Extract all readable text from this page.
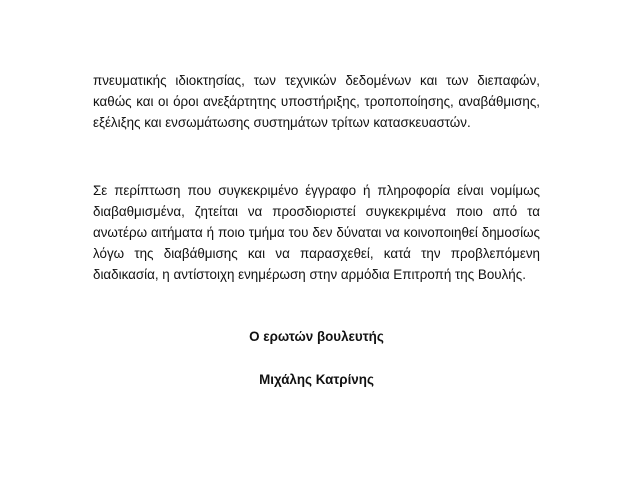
πνευματικής ιδιοκτησίας, των τεχνικών δεδομένων και των διεπαφών, καθώς και οι όροι ανεξάρτητης υποστήριξης, τροποποίησης, αναβάθμισης, εξέλιξης και ενσωμάτωσης συστημάτων τρίτων κατασκευαστών.

Σε περίπτωση που συγκεκριμένο έγγραφο ή πληροφορία είναι νομίμως διαβαθμισμένα, ζητείται να προσδιοριστεί συγκεκριμένα ποιο από τα ανωτέρω αιτήματα ή ποιο τμήμα του δεν δύναται να κοινοποιηθεί δημοσίως λόγω της διαβάθμισης και να παρασχεθεί, κατά την προβλεπόμενη διαδικασία, η αντίστοιχη ενημέρωση στην αρμόδια Επιτροπή της Βουλής.

Ο ερωτών βουλευτής

Μιχάλης Κατρίνης
